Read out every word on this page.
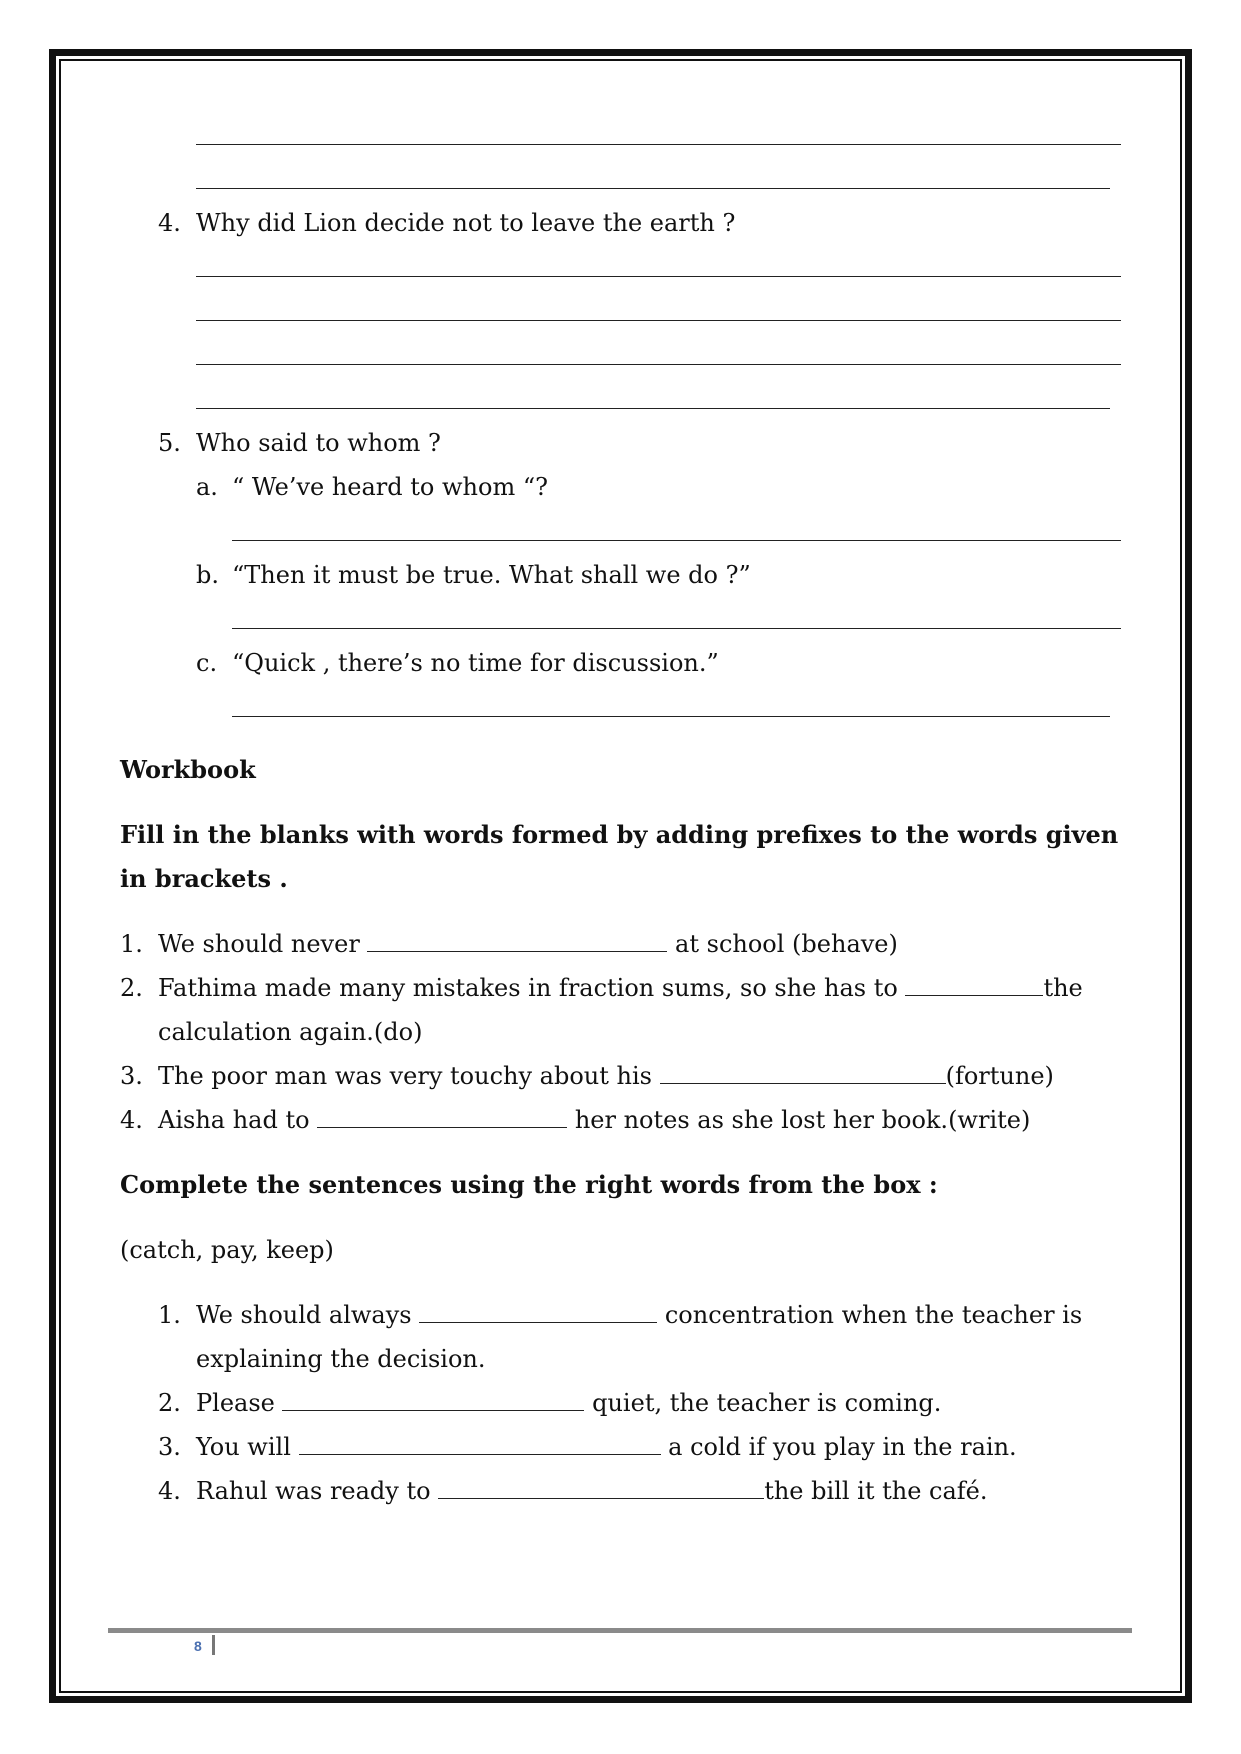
4. Why did Lion decide not to leave the earth ?
5. Who said to whom ?
a. “ We’ve heard to whom “?
b. “Then it must be true. What shall we do ?”
c. “Quick , there’s no time for discussion.”
Workbook
Fill in the blanks with words formed by adding prefixes to the words given
in brackets .
1. We should never	at school (behave)
2. Fathima made many mistakes in fraction sums, so she has to	the
calculation again.(do)
3. The poor man was very touchy about his	(fortune)
4. Aisha had to	her notes as she lost her book.(write)
Complete the sentences using the right words from the box :
(catch, pay, keep)
1. We should always	concentration when the teacher is
explaining the decision.
2. Please	quiet, the teacher is coming.
3. You will	a cold if you play in the rain.
4. Rahul was ready to	the bill it the café.
8
